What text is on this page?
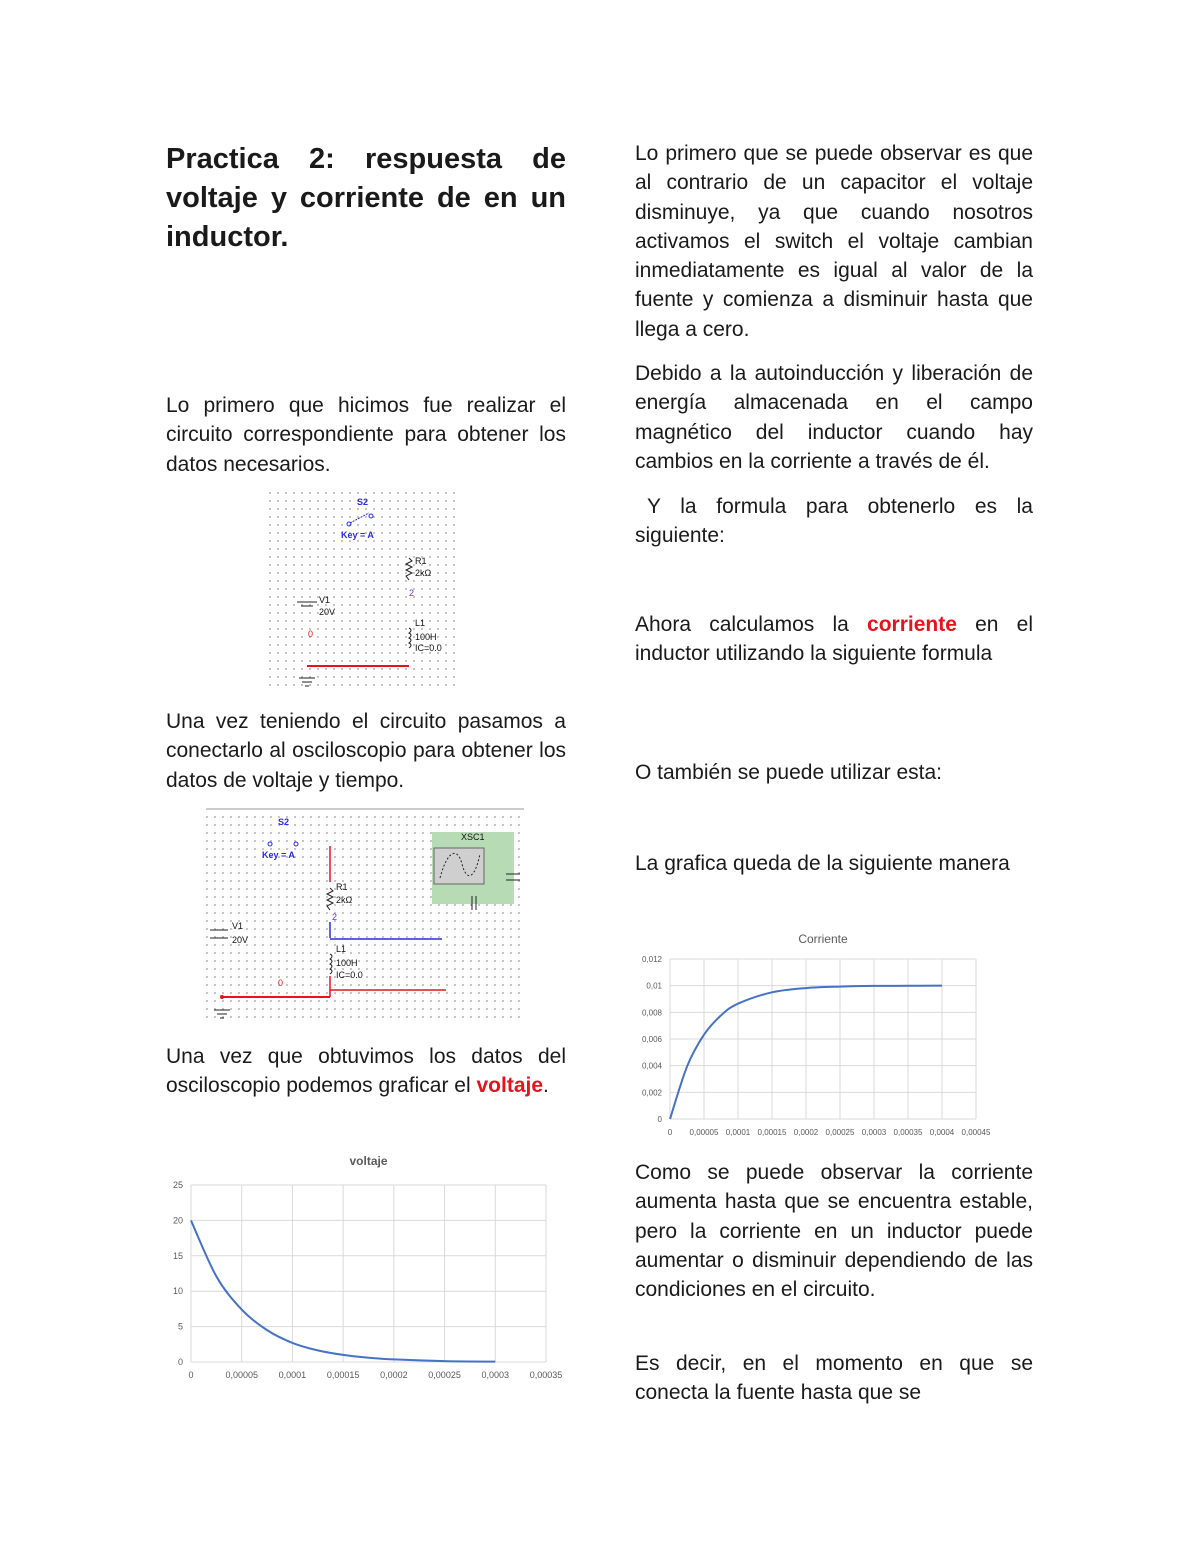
Practica 2: respuesta de voltaje y corriente de en un inductor.

Lo primero que hicimos fue realizar el circuito correspondiente para obtener los datos necesarios.

S2
Key = A
R1
2kΩ
2
V1
20V
L1
100H
IC=0.0
0

Una vez teniendo el circuito pasamos a conectarlo al osciloscopio para obtener los datos de voltaje y tiempo.

S2
Key = A
R1
2kΩ
2
XSC1
V1
20V
L1
100H
IC=0.0
0

Una vez que obtuvimos los datos del osciloscopio podemos graficar el voltaje.

voltaje
0
5
10
15
20
25
0	0,00005 0,0001 0,00015 0,0002 0,00025 0,0003 0,00035

Lo primero que se puede observar es que al contrario de un capacitor el voltaje disminuye, ya que cuando nosotros activamos el switch el voltaje cambian inmediatamente es igual al valor de la fuente y comienza a disminuir hasta que llega a cero.

Debido a la autoinducción y liberación de energía almacenada en el campo magnético del inductor cuando hay cambios en la corriente a través de él.

Y la formula para obtenerlo es la siguiente:

Ahora calculamos la corriente en el inductor utilizando la siguiente formula

O también se puede utilizar esta:

La grafica queda de la siguiente manera

Corriente
0
0,002
0,004
0,006
0,008
0,01
0,012
0 0,00005 0,0001 0,00015 0,0002 0,00025 0,0003 0,00035 0,0004 0,00045

Como se puede observar la corriente aumenta hasta que se encuentra estable, pero la corriente en un inductor puede aumentar o disminuir dependiendo de las condiciones en el circuito.

Es decir, en el momento en que se conecta la fuente hasta que se
